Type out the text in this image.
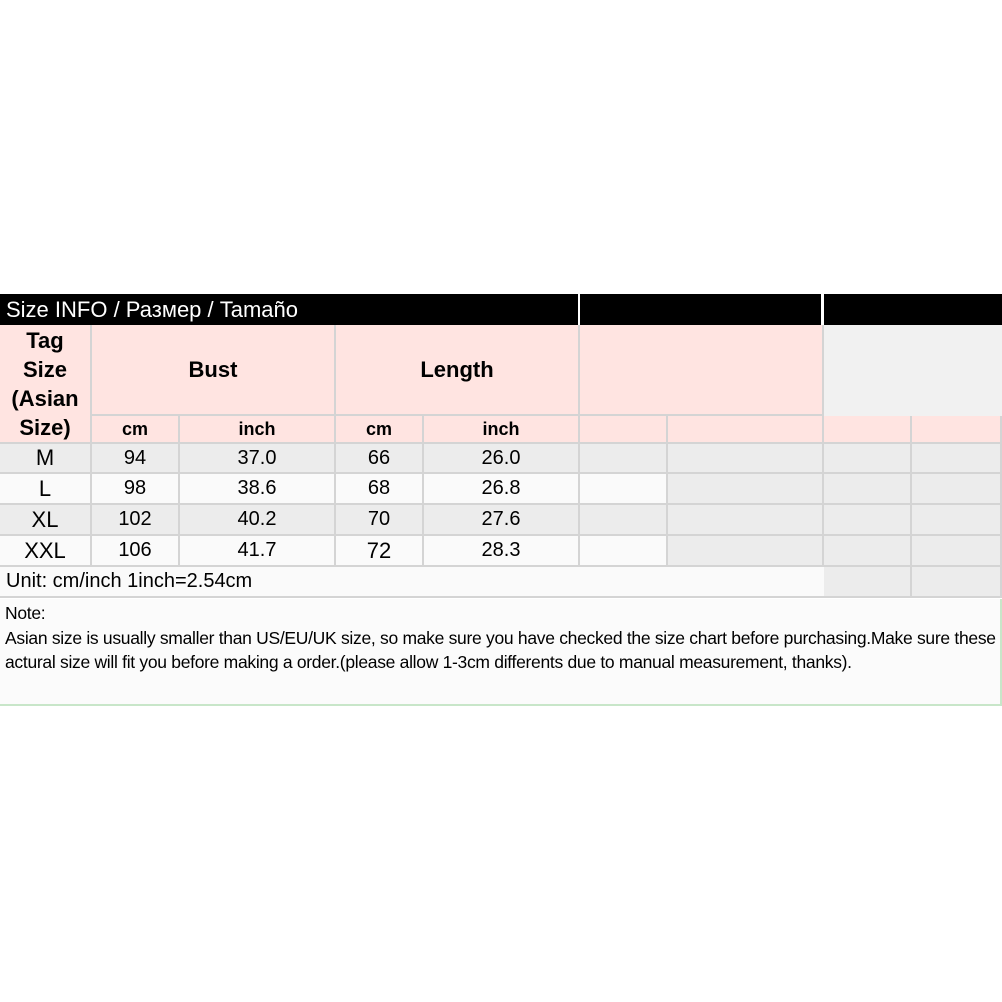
Size INFO / Размер / Tamaño
Tag Size (Asian Size)
Bust	Length
cm	inch	cm	inch
M	94	37.0	66	26.0
L	98	38.6	68	26.8
XL	102	40.2	70	27.6
XXL	106	41.7	72	28.3
Unit: cm/inch 1inch=2.54cm
Note:
Asian size is usually smaller than US/EU/UK size, so make sure you have checked the size chart before purchasing.Make sure these actural size will fit you before making a order.(please allow 1-3cm differents due to manual measurement, thanks).
